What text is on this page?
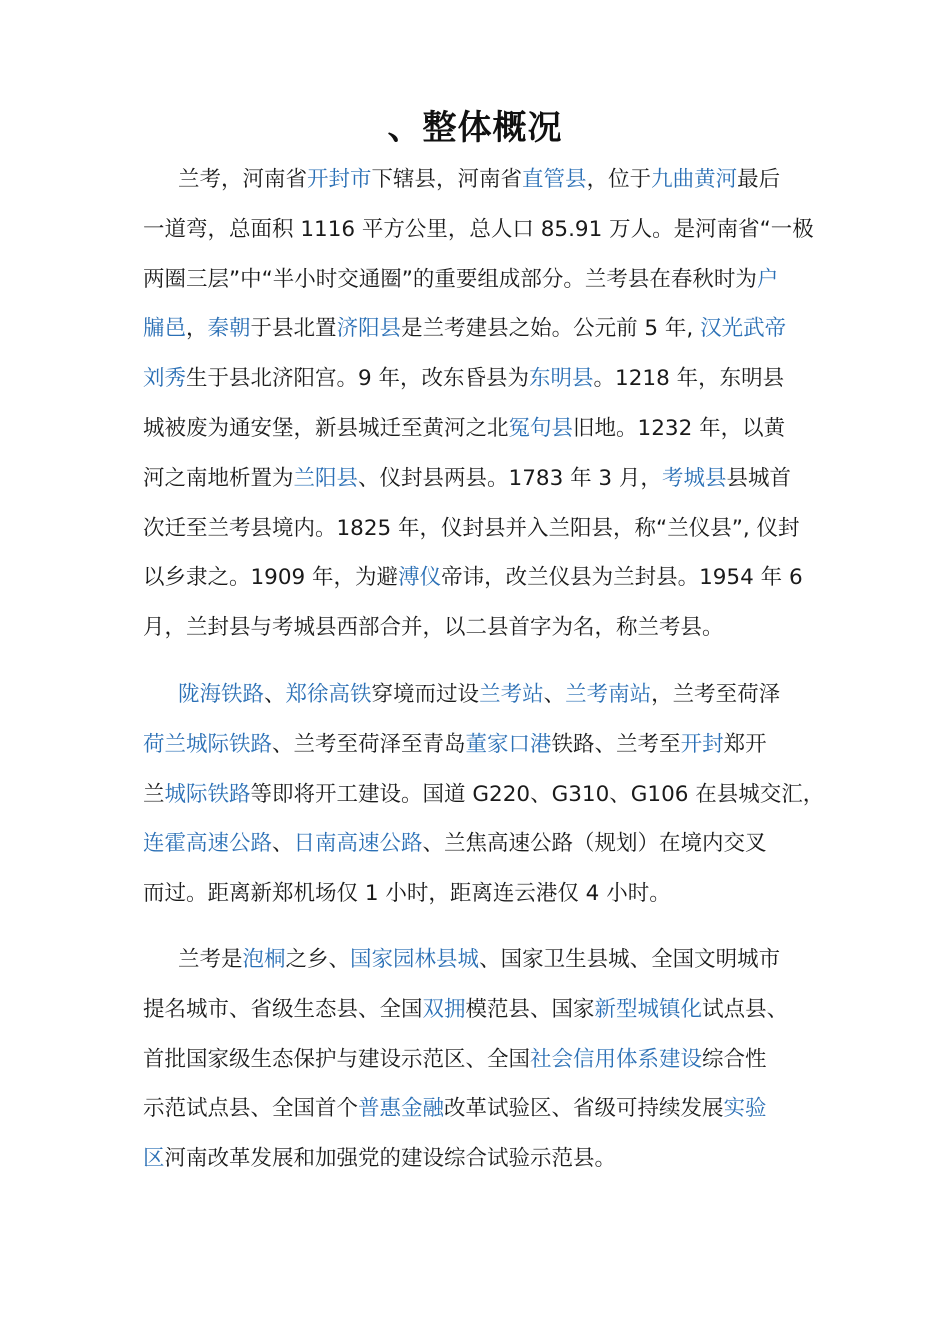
、整体概况
兰考，河南省开封市下辖县，河南省直管县，位于九曲黄河最后
一道弯，总面积 1116 平方公里，总人口 85.91 万人。是河南省“一极
两圈三层”中“半小时交通圈”的重要组成部分。兰考县在春秋时为户
牖邑，秦朝于县北置济阳县是兰考建县之始。公元前 5 年, 汉光武帝
刘秀生于县北济阳宫。9 年，改东昏县为东明县。1218 年，东明县
城被废为通安堡，新县城迁至黄河之北冤句县旧地。1232 年，以黄
河之南地析置为兰阳县、仪封县两县。1783 年 3 月，考城县县城首
次迁至兰考县境内。1825 年，仪封县并入兰阳县，称“兰仪县”, 仪封
以乡隶之。1909 年，为避溥仪帝讳，改兰仪县为兰封县。1954 年 6
月，兰封县与考城县西部合并，以二县首字为名，称兰考县。
陇海铁路、郑徐高铁穿境而过设兰考站、兰考南站，兰考至荷泽
荷兰城际铁路、兰考至荷泽至青岛董家口港铁路、兰考至开封郑开
兰城际铁路等即将开工建设。国道 G220、G310、G106 在县城交汇，
连霍高速公路、日南高速公路、兰焦高速公路（规划）在境内交叉
而过。距离新郑机场仅 1 小时，距离连云港仅 4 小时。
兰考是泡桐之乡、国家园林县城、国家卫生县城、全国文明城市
提名城市、省级生态县、全国双拥模范县、国家新型城镇化试点县、
首批国家级生态保护与建设示范区、全国社会信用体系建设综合性
示范试点县、全国首个普惠金融改革试验区、省级可持续发展实验
区河南改革发展和加强党的建设综合试验示范县。
